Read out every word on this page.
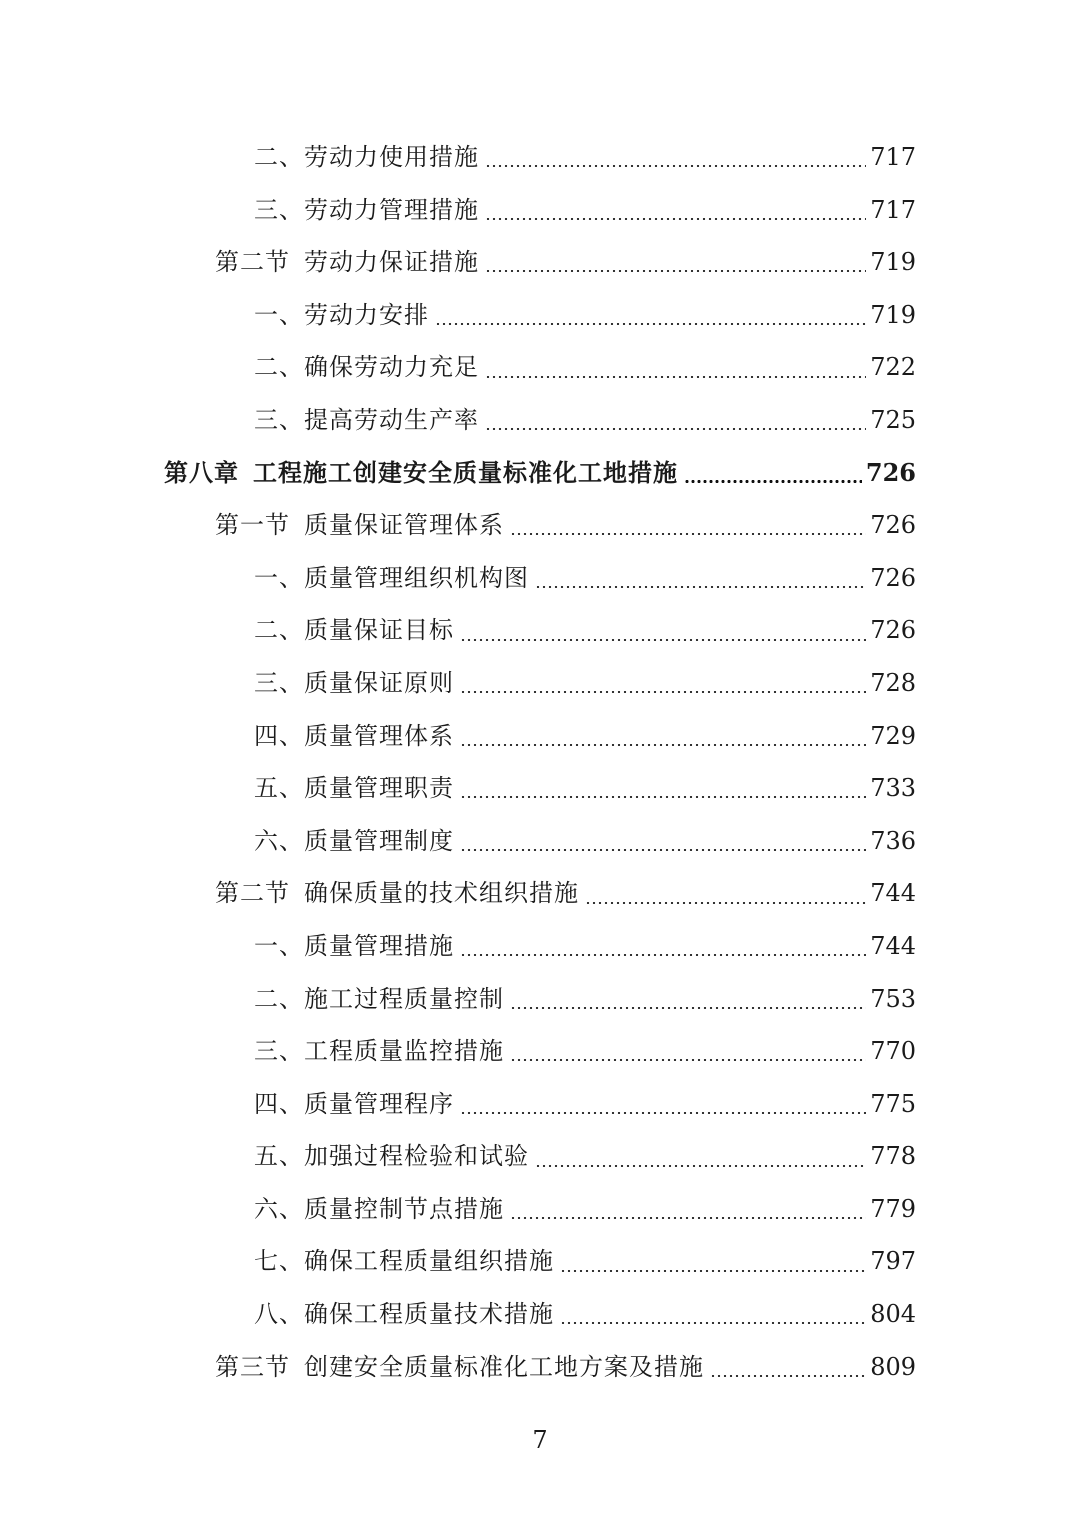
二、劳动力使用措施	717
三、劳动力管理措施	717
第二节 劳动力保证措施	719
一、劳动力安排	719
二、确保劳动力充足	722
三、提高劳动生产率	725
第八章 工程施工创建安全质量标准化工地措施	726
第一节 质量保证管理体系	726
一、质量管理组织机构图	726
二、质量保证目标	726
三、质量保证原则	728
四、质量管理体系	729
五、质量管理职责	733
六、质量管理制度	736
第二节 确保质量的技术组织措施	744
一、质量管理措施	744
二、施工过程质量控制	753
三、工程质量监控措施	770
四、质量管理程序	775
五、加强过程检验和试验	778
六、质量控制节点措施	779
七、确保工程质量组织措施	797
八、确保工程质量技术措施	804
第三节 创建安全质量标准化工地方案及措施	809
7
